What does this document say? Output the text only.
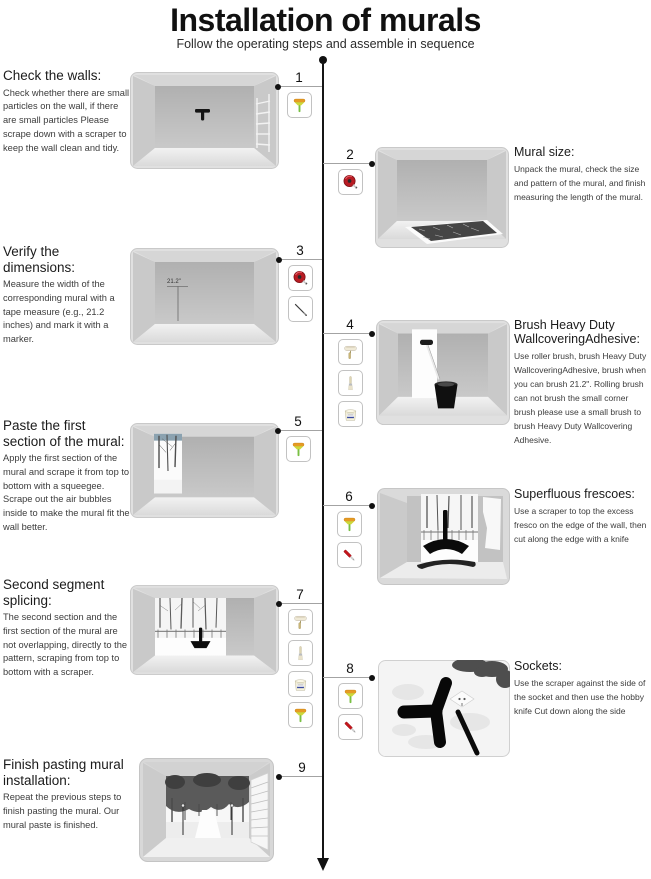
Installation of murals
Follow the operating steps and assemble in sequence
Check the walls:

Check whether there are small particles on the wall, if there are small particles Please scrape down with a scraper to keep the wall clean and tidy.

1
2	Mural size:

Unpack the mural, check the size and pattern of the mural, and finish measuring the length of the mural.

Verify the dimensions:

Measure the width of the corresponding mural with a tape measure (e.g., 21.2 inches) and mark it with a marker.

21.2"
3
4	Brush Heavy Duty WallcoveringAdhesive:

Use roller brush, brush Heavy Duty WallcoveringAdhesive, brush when you can brush 21.2". Rolling brush can not brush the small corner brush please use a small brush to brush Heavy Duty Wallcovering Adhesive.

Paste the first section of the mural:

Apply the first section of the mural and scrape it from top to bottom with a squeegee. Scrape out the air bubbles inside to make the mural fit the wall better.

5
6	Superfluous frescoes:

Use a scraper to top the excess fresco on the edge of the wall, then cut along the edge with a knife

Second segment splicing:

The second section and the first section of the mural are not overlapping, directly to the pattern, scraping from top to bottom with a scraper.

7
8	Sockets:

Use the scraper against the side of the socket and then use the hobby knife Cut down along the side

Finish pasting mural installation:

Repeat the previous steps to finish pasting the mural. Our mural paste is finished.

9
